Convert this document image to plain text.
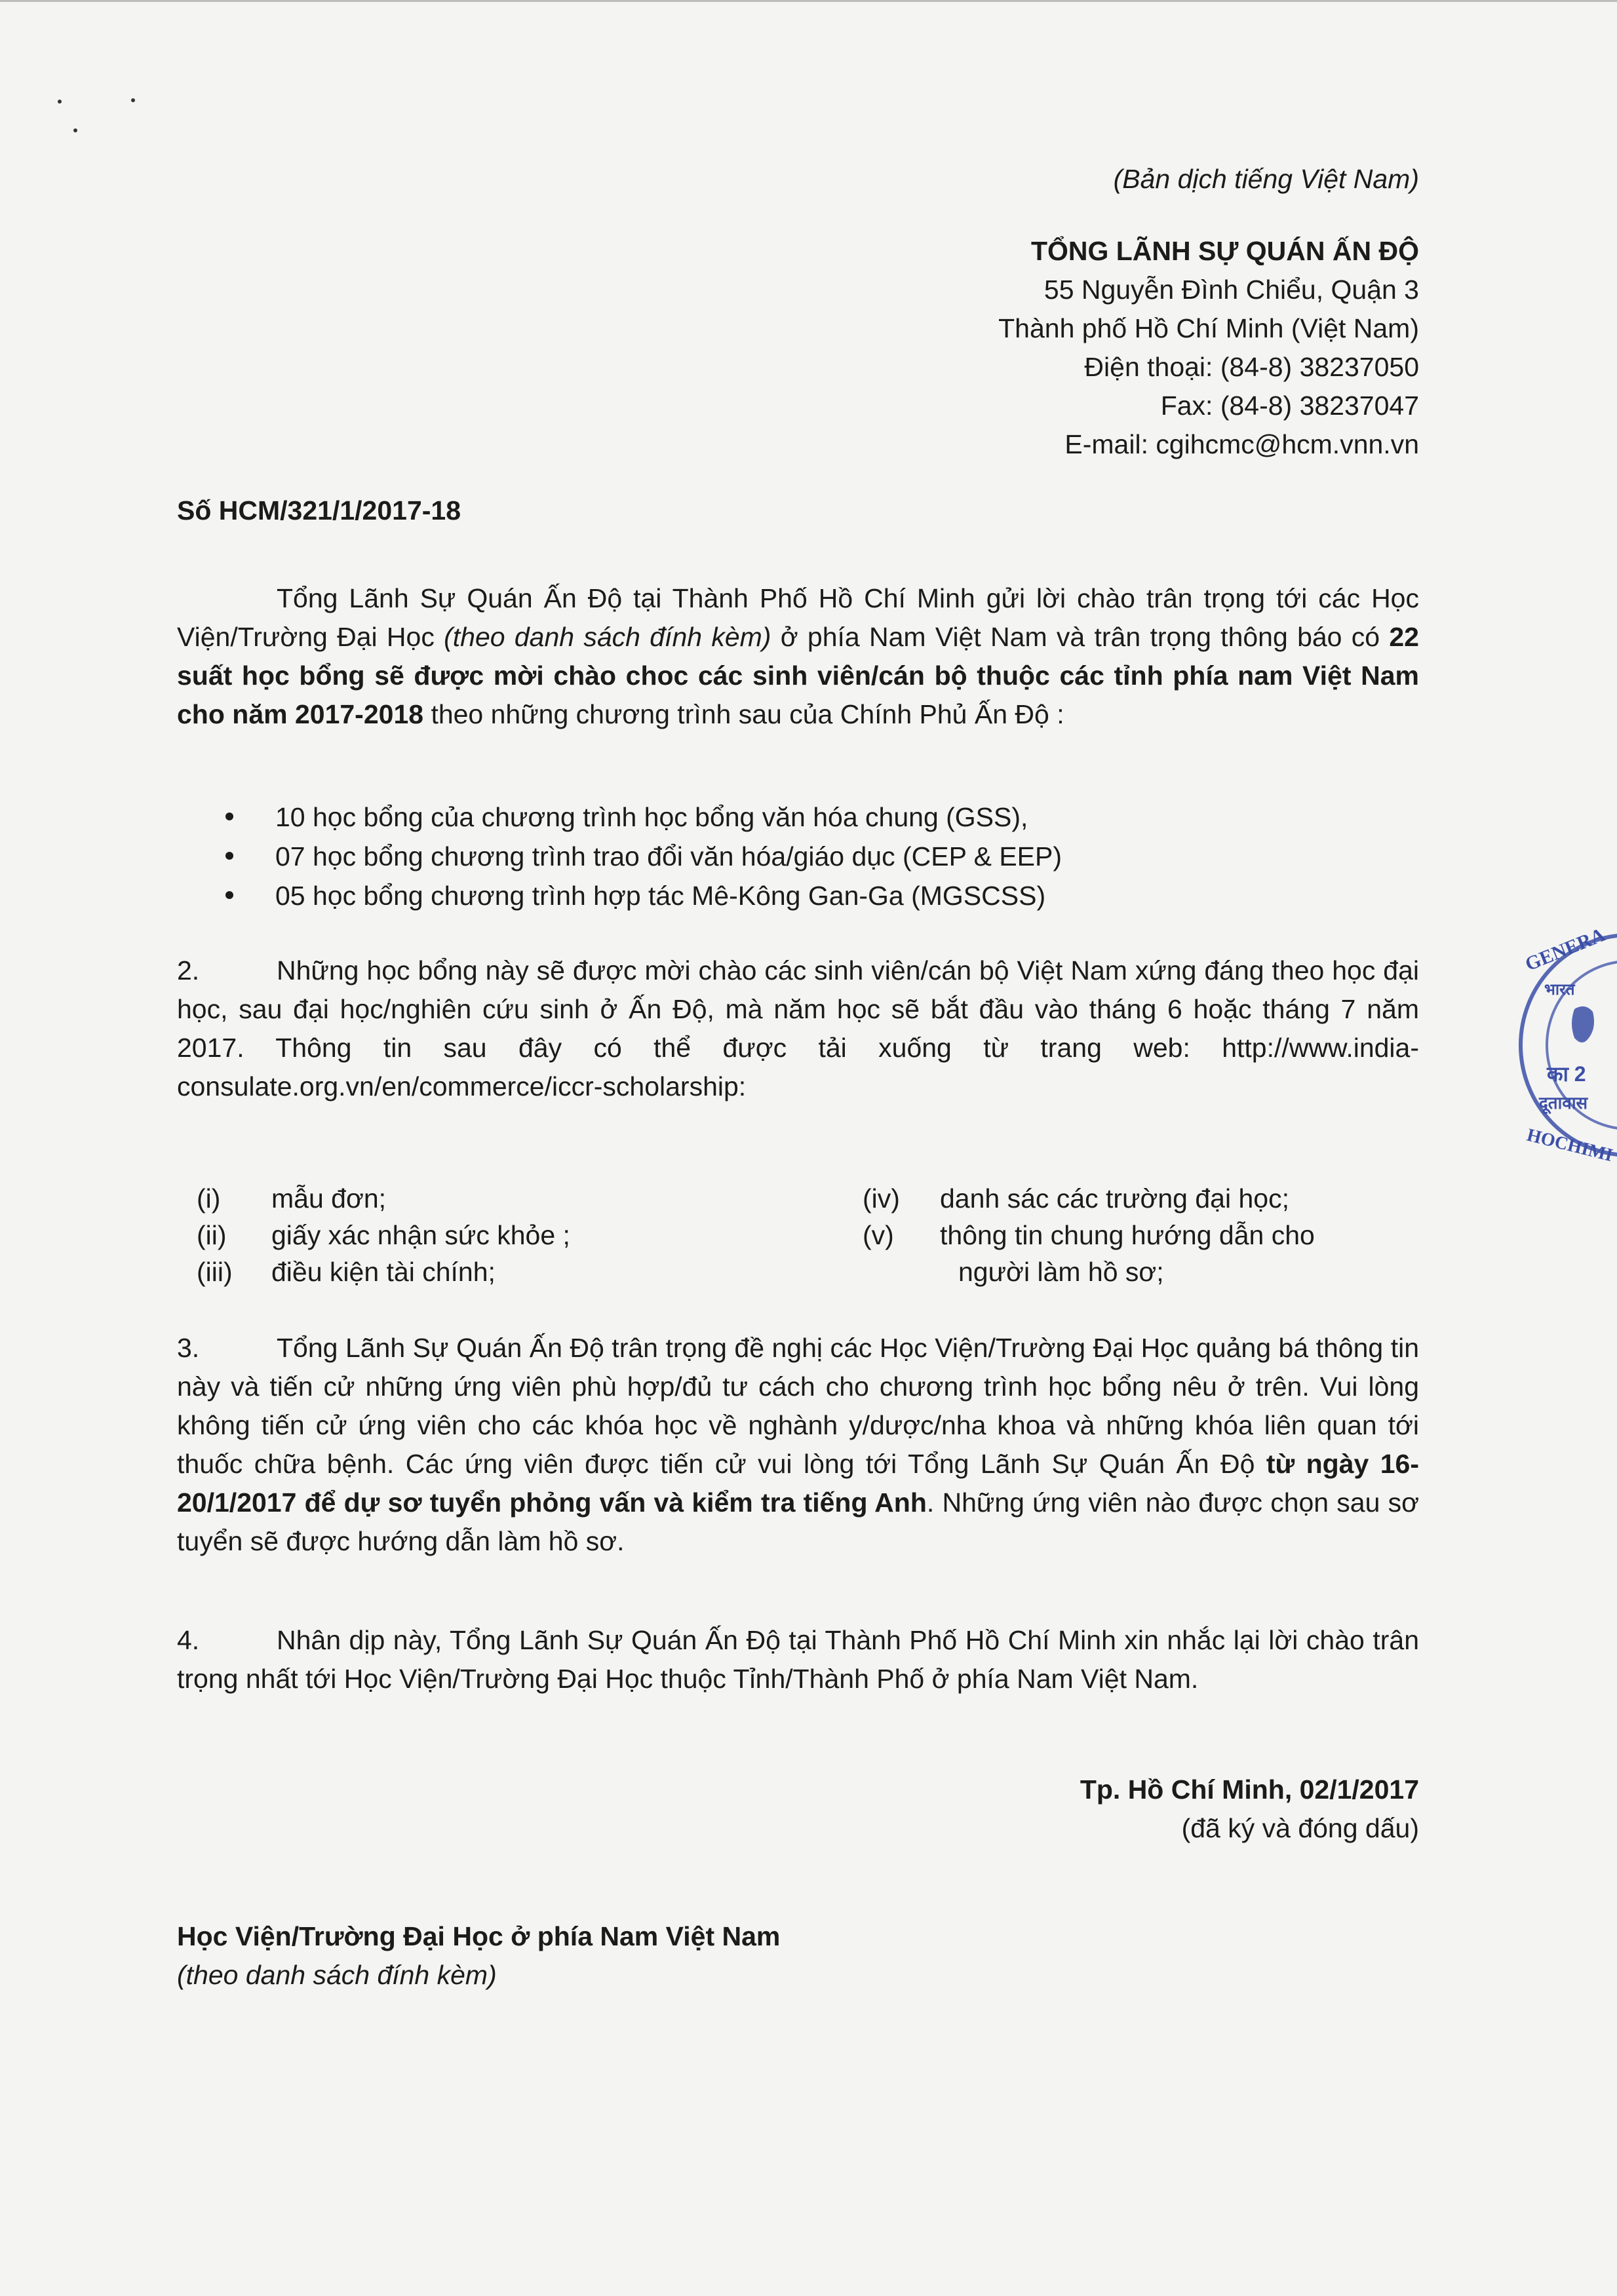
(Bản dịch tiếng Việt Nam)

TỔNG LÃNH SỰ QUÁN ẤN ĐỘ
55 Nguyễn Đình Chiểu, Quận 3
Thành phố Hồ Chí Minh (Việt Nam)
Điện thoại: (84-8) 38237050
Fax: (84-8) 38237047
E-mail: cgihcmc@hcm.vnn.vn

Số HCM/321/1/2017-18

Tổng Lãnh Sự Quán Ấn Độ tại Thành Phố Hồ Chí Minh gửi lời chào trân trọng tới các Học Viện/Trường Đại Học (theo danh sách đính kèm) ở phía Nam Việt Nam và trân trọng thông báo có 22 suất học bổng sẽ được mời chào choc các sinh viên/cán bộ thuộc các tỉnh phía nam Việt Nam cho năm 2017-2018 theo những chương trình sau của Chính Phủ Ấn Độ :

10 học bổng của chương trình học bổng văn hóa chung (GSS),

07 học bổng chương trình trao đổi văn hóa/giáo dục (CEP & EEP)

05 học bổng chương trình hợp tác Mê-Kông Gan-Ga (MGSCSS)

2.	Những học bổng này sẽ được mời chào các sinh viên/cán bộ Việt Nam xứng đáng theo học đại học, sau đại học/nghiên cứu sinh ở Ấn Độ, mà năm học sẽ bắt đầu vào tháng 6 hoặc tháng 7 năm 2017. Thông tin sau đây có thể được tải xuống từ trang web: http://www.india-consulate.org.vn/en/commerce/iccr-scholarship:

(i) mẫu đơn;

(ii) giấy xác nhận sức khỏe ;

(iii) điều kiện tài chính;

(iv) danh sác các trường đại học;

(v) thông tin chung hướng dẫn cho

người làm hồ sơ;

3.	Tổng Lãnh Sự Quán Ấn Độ trân trọng đề nghị các Học Viện/Trường Đại Học quảng bá thông tin này và tiến cử những ứng viên phù hợp/đủ tư cách cho chương trình học bổng nêu ở trên. Vui lòng không tiến cử ứng viên cho các khóa học về nghành y/dược/nha khoa và những khóa liên quan tới thuốc chữa bệnh. Các ứng viên được tiến cử vui lòng tới Tổng Lãnh Sự Quán Ấn Độ từ ngày 16-20/1/2017 để dự sơ tuyển phỏng vấn và kiểm tra tiếng Anh. Những ứng viên nào được chọn sau sơ tuyển sẽ được hướng dẫn làm hồ sơ.

4.	Nhân dịp này, Tổng Lãnh Sự Quán Ấn Độ tại Thành Phố Hồ Chí Minh xin nhắc lại lời chào trân trọng nhất tới Học Viện/Trường Đại Học thuộc Tỉnh/Thành Phố ở phía Nam Việt Nam.

Tp. Hồ Chí Minh, 02/1/2017
(đã ký và đóng dấu)
Học Viện/Trường Đại Học ở phía Nam Việt Nam
(theo danh sách đính kèm)
GENERA
भारत
का 2
दूतावास
HOCHIMI
